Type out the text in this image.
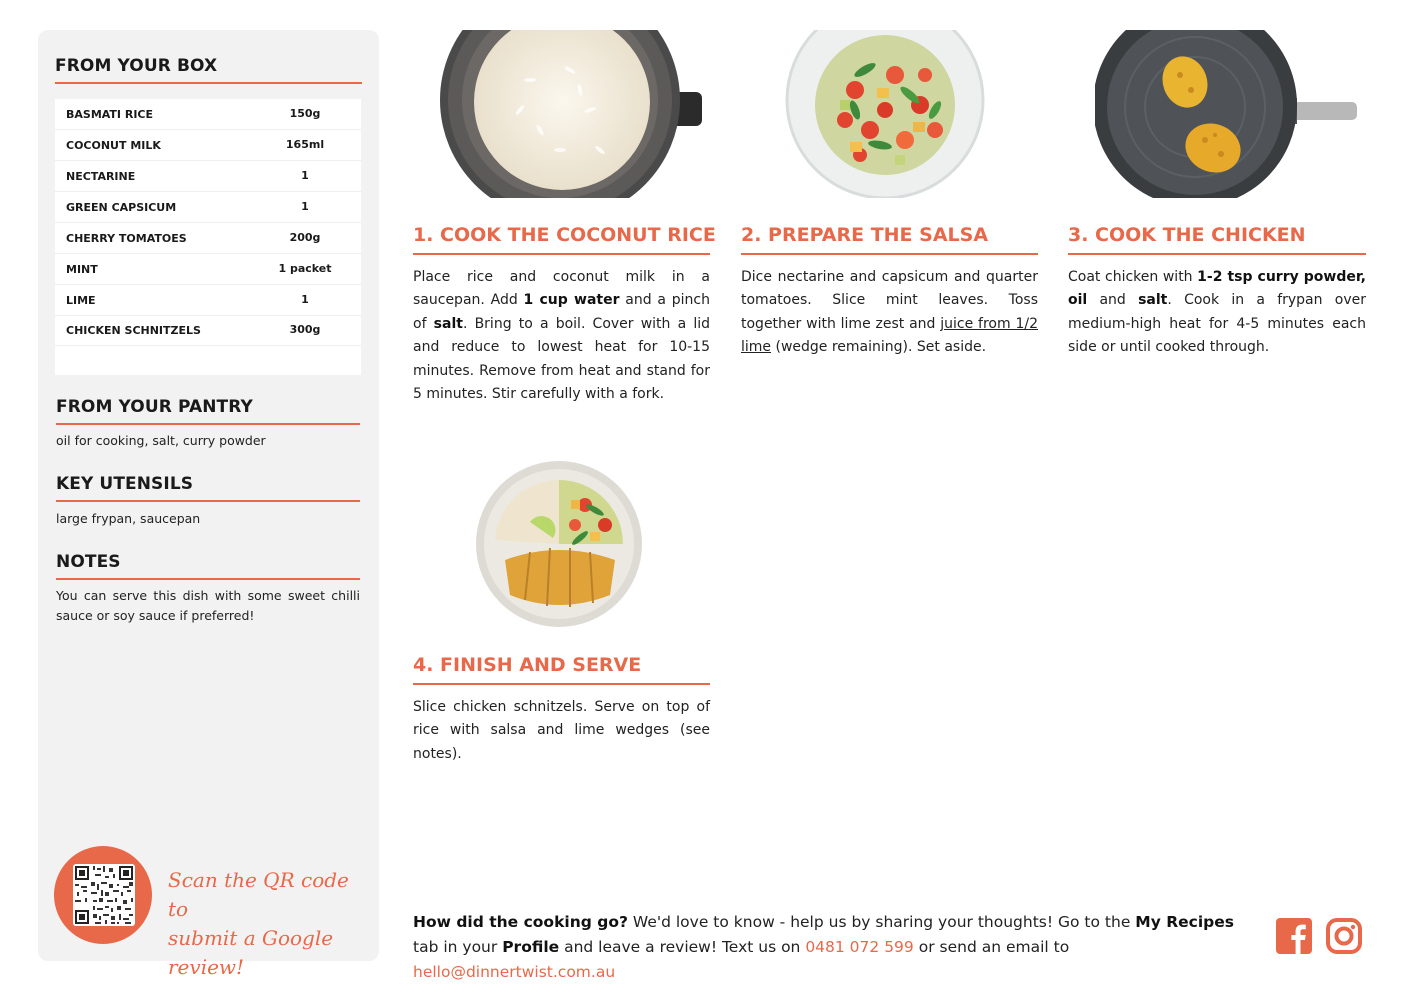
FROM YOUR BOX
BASMATI RICE	150g
COCONUT MILK	165ml
NECTARINE	1
GREEN CAPSICUM	1
CHERRY TOMATOES	200g
MINT	1 packet
LIME	1
CHICKEN SCHNITZELS	300g
FROM YOUR PANTRY
oil for cooking, salt, curry powder
KEY UTENSILS
large frypan, saucepan
NOTES
You can serve this dish with some sweet chilli sauce or soy sauce if preferred!
Scan the QR code to
submit a Google review!
1. COOK THE COCONUT RICE
Place rice and coconut milk in a saucepan. Add 1 cup water and a pinch of salt. Bring to a boil. Cover with a lid and reduce to lowest heat for 10-15 minutes. Remove from heat and stand for 5 minutes. Stir carefully with a fork.
2. PREPARE THE SALSA
Dice nectarine and capsicum and quarter tomatoes. Slice mint leaves. Toss together with lime zest and juice from 1/2 lime (wedge remaining). Set aside.
3. COOK THE CHICKEN
Coat chicken with 1-2 tsp curry powder, oil and salt. Cook in a frypan over medium-high heat for 4-5 minutes each side or until cooked through.
4. FINISH AND SERVE
Slice chicken schnitzels. Serve on top of rice with salsa and lime wedges (see notes).
How did the cooking go? We'd love to know - help us by sharing your thoughts! Go to the My Recipes tab in your Profile and leave a review! Text us on 0481 072 599 or send an email to hello@dinnertwist.com.au
